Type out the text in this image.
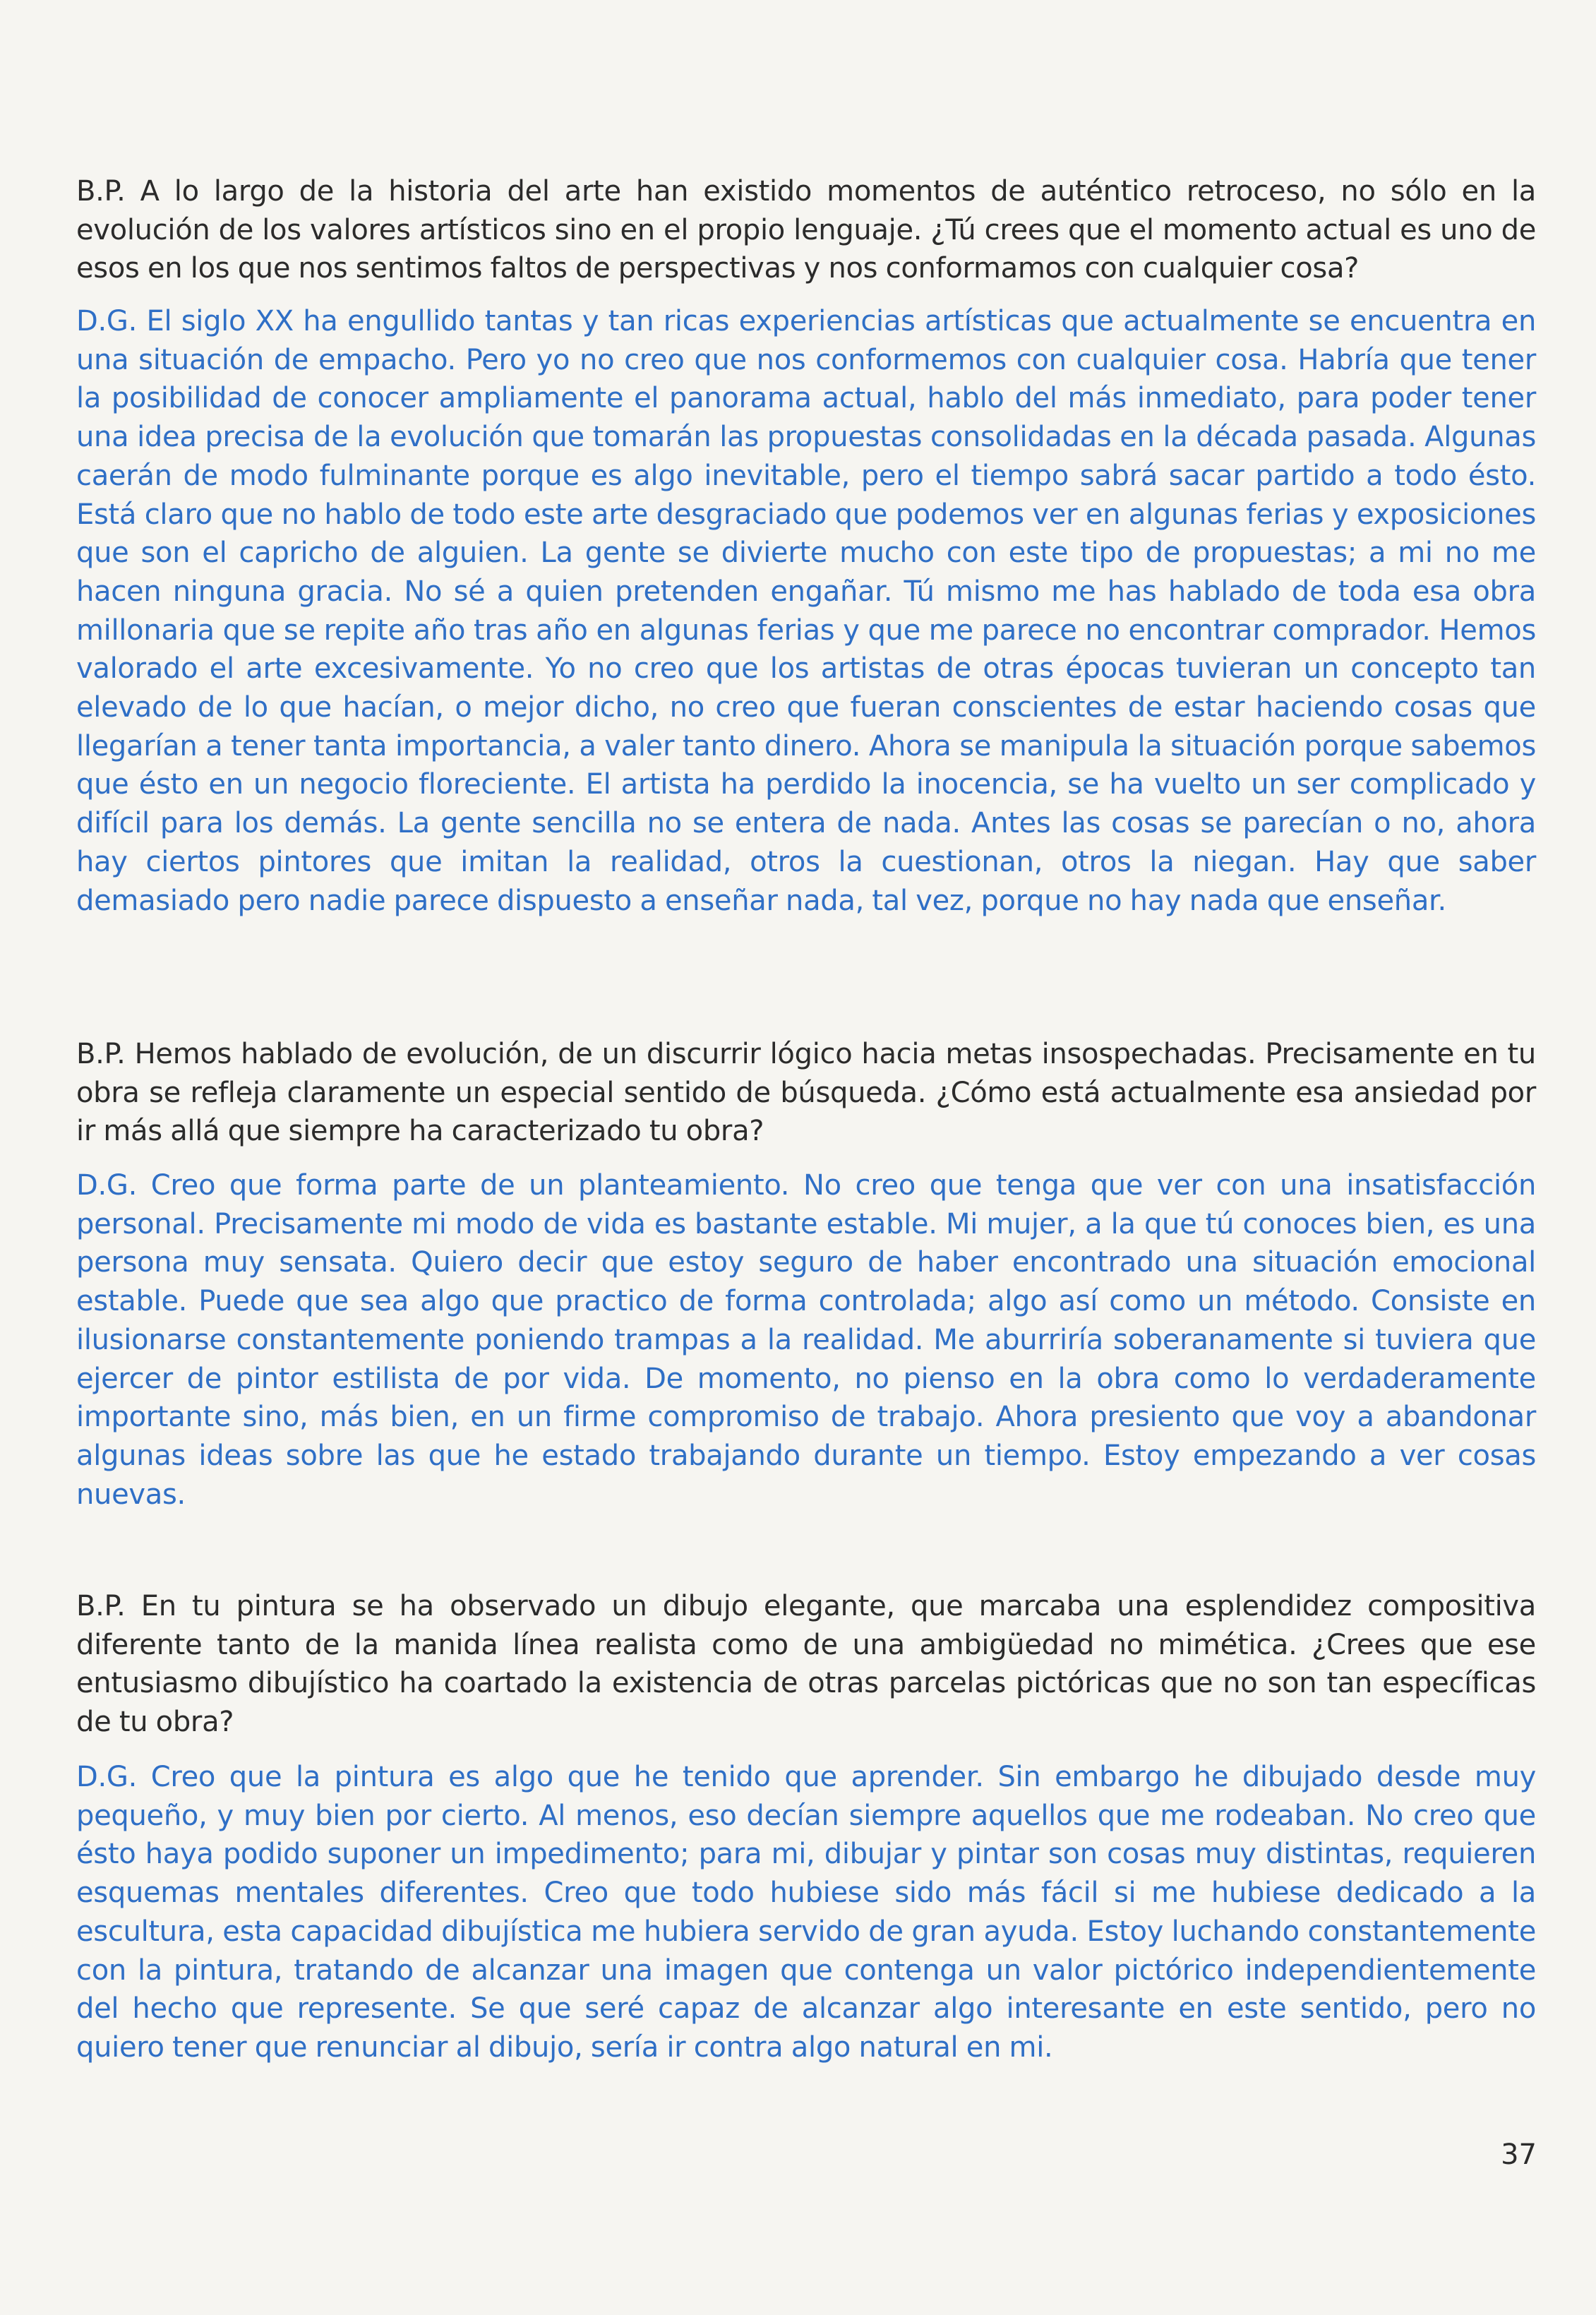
B.P. A lo largo de la historia del arte han existido momentos de auténtico retroceso, no sólo en la evolución de los valores artísticos sino en el propio lenguaje. ¿Tú crees que el momento actual es uno de esos en los que nos sentimos faltos de perspectivas y nos conformamos con cualquier cosa?

D.G. El siglo XX ha engullido tantas y tan ricas experiencias artísticas que actualmente se encuentra en una situación de empacho. Pero yo no creo que nos conformemos con cualquier cosa. Habría que tener la posibilidad de conocer ampliamente el panorama actual, hablo del más inmediato, para poder tener una idea precisa de la evolución que tomarán las propuestas consolidadas en la década pasada. Algunas caerán de modo fulminante porque es algo inevitable, pero el tiempo sabrá sacar partido a todo ésto. Está claro que no hablo de todo este arte desgraciado que podemos ver en algunas ferias y exposiciones que son el capricho de alguien. La gente se divierte mucho con este tipo de propuestas; a mi no me hacen ninguna gracia. No sé a quien pretenden engañar. Tú mismo me has hablado de toda esa obra millonaria que se repite año tras año en algunas ferias y que me parece no encontrar comprador. Hemos valorado el arte excesivamente. Yo no creo que los artistas de otras épocas tuvieran un concepto tan elevado de lo que hacían, o mejor dicho, no creo que fueran conscientes de estar haciendo cosas que llegarían a tener tanta importancia, a valer tanto dinero. Ahora se manipula la situación porque sabemos que ésto en un negocio floreciente. El artista ha perdido la inocencia, se ha vuelto un ser complicado y difícil para los demás. La gente sencilla no se entera de nada. Antes las cosas se parecían o no, ahora hay ciertos pintores que imitan la realidad, otros la cuestionan, otros la niegan. Hay que saber demasiado pero nadie parece dispuesto a enseñar nada, tal vez, porque no hay nada que enseñar.

B.P. Hemos hablado de evolución, de un discurrir lógico hacia metas insospechadas. Precisamente en tu obra se refleja claramente un especial sentido de búsqueda. ¿Cómo está actualmente esa ansiedad por ir más allá que siempre ha caracterizado tu obra?

D.G. Creo que forma parte de un planteamiento. No creo que tenga que ver con una insatisfacción personal. Precisamente mi modo de vida es bastante estable. Mi mujer, a la que tú conoces bien, es una persona muy sensata. Quiero decir que estoy seguro de haber encontrado una situación emocional estable. Puede que sea algo que practico de forma controlada; algo así como un método. Consiste en ilusionarse constantemente poniendo trampas a la realidad. Me aburriría soberanamente si tuviera que ejercer de pintor estilista de por vida. De momento, no pienso en la obra como lo verdaderamente importante sino, más bien, en un firme compromiso de trabajo. Ahora presiento que voy a abandonar algunas ideas sobre las que he estado trabajando durante un tiempo. Estoy empezando a ver cosas nuevas.

B.P. En tu pintura se ha observado un dibujo elegante, que marcaba una esplendidez compositiva diferente tanto de la manida línea realista como de una ambigüedad no mimética. ¿Crees que ese entusiasmo dibujístico ha coartado la existencia de otras parcelas pictóricas que no son tan específicas de tu obra?

D.G. Creo que la pintura es algo que he tenido que aprender. Sin embargo he dibujado desde muy pequeño, y muy bien por cierto. Al menos, eso decían siempre aquellos que me rodeaban. No creo que ésto haya podido suponer un impedimento; para mi, dibujar y pintar son cosas muy distintas, requieren esquemas mentales diferentes. Creo que todo hubiese sido más fácil si me hubiese dedicado a la escultura, esta capacidad dibujística me hubiera servido de gran ayuda. Estoy luchando constantemente con la pintura, tratando de alcanzar una imagen que contenga un valor pictórico independientemente del hecho que represente. Se que seré capaz de alcanzar algo interesante en este sentido, pero no quiero tener que renunciar al dibujo, sería ir contra algo natural en mi.

37
